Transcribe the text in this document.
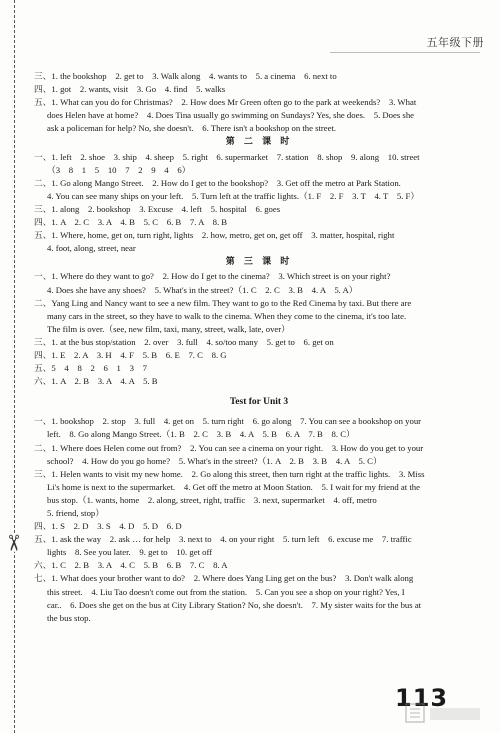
✂
五年级下册
三、1. the bookshop　2. get to　3. Walk along　4. wants to　5. a cinema　6. next to
四、1. got　2. wants, visit　3. Go　4. find　5. walks
五、1. What can you do for Christmas?　2. How does Mr Green often go to the park at weekends?　3. What
does Helen have at home?　4. Does Tina usually go swimming on Sundays? Yes, she does.　5. Does she
ask a policeman for help? No, she doesn't.　6. There isn't a bookshop on the street.
第 二 课 时
一、1. left　2. shoe　3. ship　4. sheep　5. right　6. supermarket　7. station　8. shop　9. along　10. street
（3　8　1　5　10　7　2　9　4　6）
二、1. Go along Mango Street.　2. How do I get to the bookshop?　3. Get off the metro at Park Station.
4. You can see many ships on your left.　5. Turn left at the traffic lights.（1. F　2. F　3. T　4. T　5. F）
三、1. along　2. bookshop　3. Excuse　4. left　5. hospital　6. goes
四、1. A　2. C　3. A　4. B　5. C　6. B　7. A　8. B
五、1. Where, home, get on, turn right, lights　2. how, metro, get on, get off　3. matter, hospital, right
4. foot, along, street, near
第 三 课 时
一、1. Where do they want to go?　2. How do I get to the cinema?　3. Which street is on your right?
4. Does she have any shoes?　5. What's in the street?（1. C　2. C　3. B　4. A　5. A）
二、Yang Ling and Nancy want to see a new film. They want to go to the Red Cinema by taxi. But there are
many cars in the street, so they have to walk to the cinema. When they come to the cinema, it's too late.
The film is over.（see, new film, taxi, many, street, walk, late, over）
三、1. at the bus stop/station　2. over　3. full　4. so/too many　5. get to　6. get on
四、1. E　2. A　3. H　4. F　5. B　6. E　7. C　8. G
五、5　4　8　2　6　1　3　7
六、1. A　2. B　3. A　4. A　5. B
Test for Unit 3
一、1. bookshop　2. stop　3. full　4. get on　5. turn right　6. go along　7. You can see a bookshop on your
left.　8. Go along Mango Street.（1. B　2. C　3. B　4. A　5. B　6. A　7. B　8. C）
二、1. Where does Helen come out from?　2. You can see a cinema on your right.　3. How do you get to your
school?　4. How do you go home?　5. What's in the street?（1. A　2. B　3. B　4. A　5. C）
三、1. Helen wants to visit my new home.　2. Go along this street, then turn right at the traffic lights.　3. Miss
Li's home is next to the supermarket.　4. Get off the metro at Moon Station.　5. I wait for my friend at the
bus stop.（1. wants, home　2. along, street, right, traffic　3. next, supermarket　4. off, metro
5. friend, stop）
四、1. S　2. D　3. S　4. D　5. D　6. D
五、1. ask the way　2. ask … for help　3. next to　4. on your right　5. turn left　6. excuse me　7. traffic
lights　8. See you later.　9. get to　10. get off
六、1. C　2. B　3. A　4. C　5. B　6. B　7. C　8. A
七、1. What does your brother want to do?　2. Where does Yang Ling get on the bus?　3. Don't walk along
this street.　4. Liu Tao doesn't come out from the station.　5. Can you see a shop on your right? Yes, I
car..　6. Does she get on the bus at City Library Station? No, she doesn't.　7. My sister waits for the bus at
the bus stop.
113
